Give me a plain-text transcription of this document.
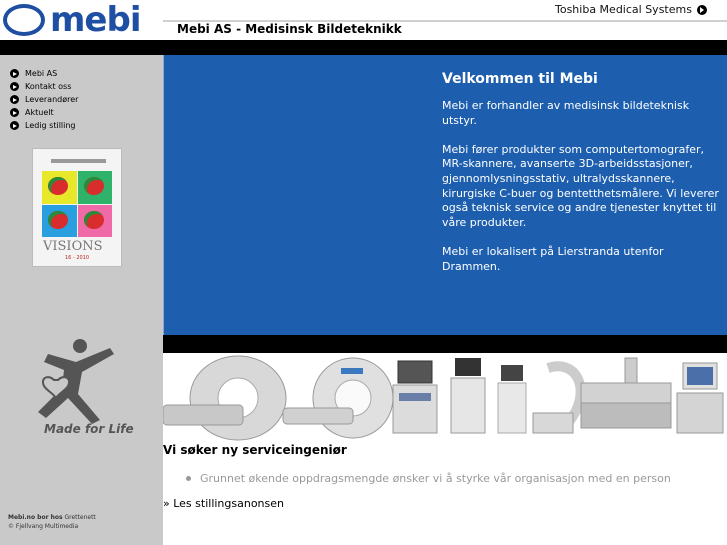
mebi
Mebi AS
Kontakt oss
Leverandører
Aktuelt
Ledig stilling
VISIONS
16 - 2010
Made for Life
Mebi.no bor hos Grettenett
© Fjellvang Multimedia
Toshiba Medical Systems
Mebi AS - Medisinsk Bildeteknikk
Velkommen til Mebi

Mebi er forhandler av medisinsk bildeteknisk utstyr.

Mebi fører produkter som computertomografer, MR-skannere, avanserte 3D-arbeidsstasjoner, gjennomlysningsstativ, ultralydsskannere, kirurgiske C-buer og bentetthetsmålere. Vi leverer også teknisk service og andre tjenester knyttet til våre produkter.

Mebi er lokalisert på Lierstranda utenfor Drammen.

Vi søker ny serviceingeniør
Grunnet økende oppdragsmengde ønsker vi å styrke vår organisasjon med en person
» Les stillingsanonsen
